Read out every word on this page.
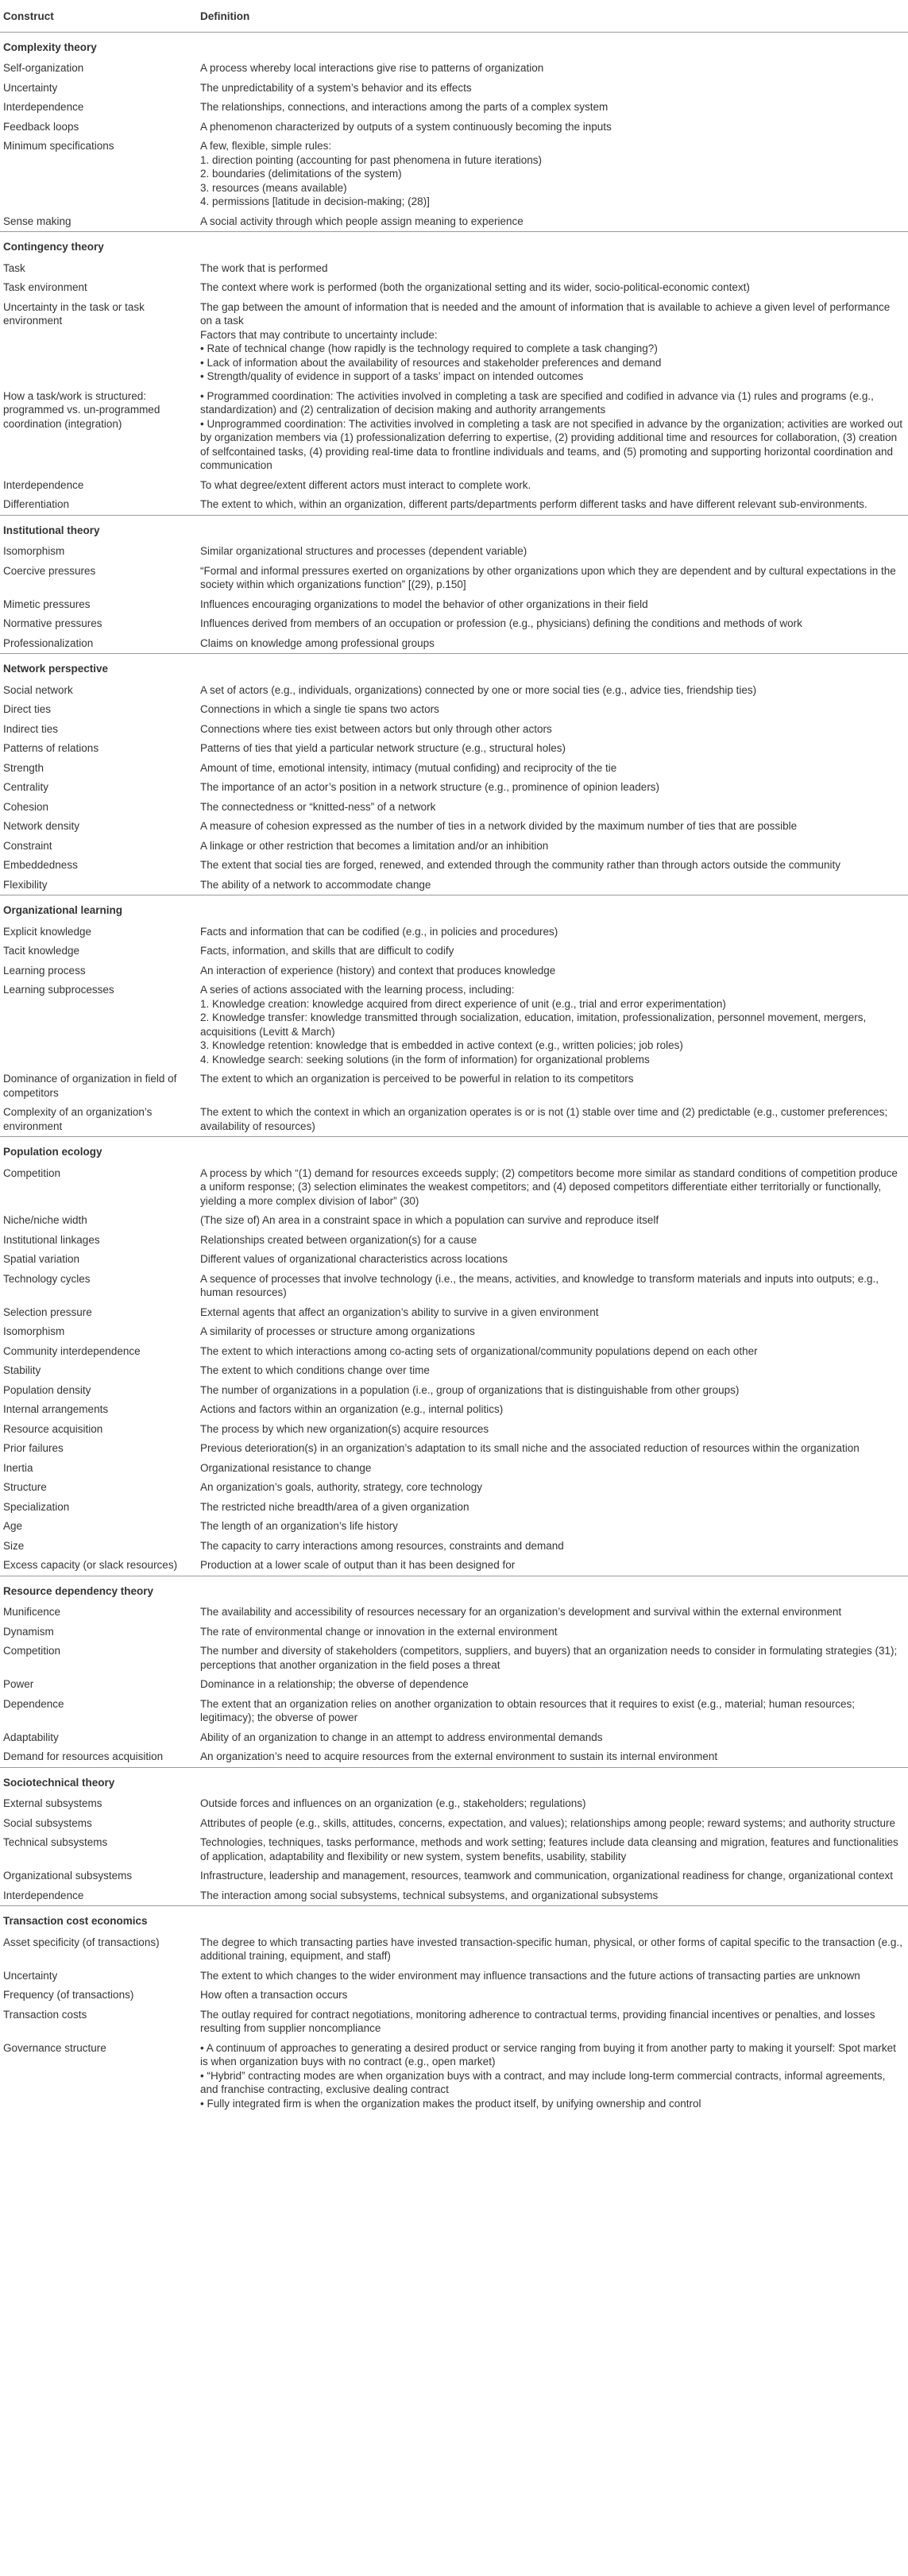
Construct	Definition
Complexity theory	
Self-organization	A process whereby local interactions give rise to patterns of organization

Uncertainty	The unpredictability of a system’s behavior and its effects

Interdependence	The relationships, connections, and interactions among the parts of a complex system

Feedback loops	A phenomenon characterized by outputs of a system continuously becoming the inputs

Minimum specifications	A few, flexible, simple rules:
1. direction pointing (accounting for past phenomena in future iterations)
2. boundaries (delimitations of the system)
3. resources (means available)
4. permissions [latitude in decision-making; (28)]

Sense making	A social activity through which people assign meaning to experience

Contingency theory	
Task	The work that is performed

Task environment	The context where work is performed (both the organizational setting and its wider, socio-political-economic context)

Uncertainty in the task or task environment	The gap between the amount of information that is needed and the amount of information that is available to achieve a given level of performance on a task
Factors that may contribute to uncertainty include:
• Rate of technical change (how rapidly is the technology required to complete a task changing?)
• Lack of information about the availability of resources and stakeholder preferences and demand
• Strength/quality of evidence in support of a tasks’ impact on intended outcomes

How a task/work is structured: programmed vs. un-programmed coordination (integration)	• Programmed coordination: The activities involved in completing a task are specified and codified in advance via (1) rules and programs (e.g., standardization) and (2) centralization of decision making and authority arrangements
• Unprogrammed coordination: The activities involved in completing a task are not specified in advance by the organization; activities are worked out by organization members via (1) professionalization deferring to expertise, (2) providing additional time and resources for collaboration, (3) creation of selfcontained tasks, (4) providing real-time data to frontline individuals and teams, and (5) promoting and supporting horizontal coordination and communication

Interdependence	To what degree/extent different actors must interact to complete work.

Differentiation	The extent to which, within an organization, different parts/departments perform different tasks and have different relevant sub-environments.

Institutional theory	
Isomorphism	Similar organizational structures and processes (dependent variable)

Coercive pressures	“Formal and informal pressures exerted on organizations by other organizations upon which they are dependent and by cultural expectations in the society within which organizations function” [(29), p.150]

Mimetic pressures	Influences encouraging organizations to model the behavior of other organizations in their field

Normative pressures	Influences derived from members of an occupation or profession (e.g., physicians) defining the conditions and methods of work

Professionalization	Claims on knowledge among professional groups

Network perspective	
Social network	A set of actors (e.g., individuals, organizations) connected by one or more social ties (e.g., advice ties, friendship ties)

Direct ties	Connections in which a single tie spans two actors

Indirect ties	Connections where ties exist between actors but only through other actors

Patterns of relations	Patterns of ties that yield a particular network structure (e.g., structural holes)

Strength	Amount of time, emotional intensity, intimacy (mutual confiding) and reciprocity of the tie

Centrality	The importance of an actor’s position in a network structure (e.g., prominence of opinion leaders)

Cohesion	The connectedness or “knitted-ness” of a network

Network density	A measure of cohesion expressed as the number of ties in a network divided by the maximum number of ties that are possible

Constraint	A linkage or other restriction that becomes a limitation and/or an inhibition

Embeddedness	The extent that social ties are forged, renewed, and extended through the community rather than through actors outside the community

Flexibility	The ability of a network to accommodate change

Organizational learning	
Explicit knowledge	Facts and information that can be codified (e.g., in policies and procedures)

Tacit knowledge	Facts, information, and skills that are difficult to codify

Learning process	An interaction of experience (history) and context that produces knowledge

Learning subprocesses	A series of actions associated with the learning process, including:
1. Knowledge creation: knowledge acquired from direct experience of unit (e.g., trial and error experimentation)
2. Knowledge transfer: knowledge transmitted through socialization, education, imitation, professionalization, personnel movement, mergers, acquisitions (Levitt & March)
3. Knowledge retention: knowledge that is embedded in active context (e.g., written policies; job roles)
4. Knowledge search: seeking solutions (in the form of information) for organizational problems

Dominance of organization in field of competitors	The extent to which an organization is perceived to be powerful in relation to its competitors

Complexity of an organization’s environment	The extent to which the context in which an organization operates is or is not (1) stable over time and (2) predictable (e.g., customer preferences; availability of resources)

Population ecology	
Competition	A process by which “(1) demand for resources exceeds supply; (2) competitors become more similar as standard conditions of competition produce a uniform response; (3) selection eliminates the weakest competitors; and (4) deposed competitors differentiate either territorially or functionally, yielding a more complex division of labor” (30)

Niche/niche width	(The size of) An area in a constraint space in which a population can survive and reproduce itself

Institutional linkages	Relationships created between organization(s) for a cause

Spatial variation	Different values of organizational characteristics across locations

Technology cycles	A sequence of processes that involve technology (i.e., the means, activities, and knowledge to transform materials and inputs into outputs; e.g., human resources)

Selection pressure	External agents that affect an organization’s ability to survive in a given environment

Isomorphism	A similarity of processes or structure among organizations

Community interdependence	The extent to which interactions among co-acting sets of organizational/community populations depend on each other

Stability	The extent to which conditions change over time

Population density	The number of organizations in a population (i.e., group of organizations that is distinguishable from other groups)

Internal arrangements	Actions and factors within an organization (e.g., internal politics)

Resource acquisition	The process by which new organization(s) acquire resources

Prior failures	Previous deterioration(s) in an organization’s adaptation to its small niche and the associated reduction of resources within the organization

Inertia	Organizational resistance to change

Structure	An organization’s goals, authority, strategy, core technology

Specialization	The restricted niche breadth/area of a given organization

Age	The length of an organization’s life history

Size	The capacity to carry interactions among resources, constraints and demand

Excess capacity (or slack resources)	Production at a lower scale of output than it has been designed for

Resource dependency theory	
Munificence	The availability and accessibility of resources necessary for an organization’s development and survival within the external environment

Dynamism	The rate of environmental change or innovation in the external environment

Competition	The number and diversity of stakeholders (competitors, suppliers, and buyers) that an organization needs to consider in formulating strategies (31); perceptions that another organization in the field poses a threat

Power	Dominance in a relationship; the obverse of dependence

Dependence	The extent that an organization relies on another organization to obtain resources that it requires to exist (e.g., material; human resources; legitimacy); the obverse of power

Adaptability	Ability of an organization to change in an attempt to address environmental demands

Demand for resources acquisition	An organization’s need to acquire resources from the external environment to sustain its internal environment

Sociotechnical theory	
External subsystems	Outside forces and influences on an organization (e.g., stakeholders; regulations)

Social subsystems	Attributes of people (e.g., skills, attitudes, concerns, expectation, and values); relationships among people; reward systems; and authority structure

Technical subsystems	Technologies, techniques, tasks performance, methods and work setting; features include data cleansing and migration, features and functionalities of application, adaptability and flexibility or new system, system benefits, usability, stability

Organizational subsystems	Infrastructure, leadership and management, resources, teamwork and communication, organizational readiness for change, organizational context

Interdependence	The interaction among social subsystems, technical subsystems, and organizational subsystems

Transaction cost economics	
Asset specificity (of transactions)	The degree to which transacting parties have invested transaction-specific human, physical, or other forms of capital specific to the transaction (e.g., additional training, equipment, and staff)

Uncertainty	The extent to which changes to the wider environment may influence transactions and the future actions of transacting parties are unknown

Frequency (of transactions)	How often a transaction occurs

Transaction costs	The outlay required for contract negotiations, monitoring adherence to contractual terms, providing financial incentives or penalties, and losses resulting from supplier noncompliance

Governance structure	• A continuum of approaches to generating a desired product or service ranging from buying it from another party to making it yourself: Spot market is when organization buys with no contract (e.g., open market)
• “Hybrid” contracting modes are when organization buys with a contract, and may include long-term commercial contracts, informal agreements, and franchise contracting, exclusive dealing contract
• Fully integrated firm is when the organization makes the product itself, by unifying ownership and control
